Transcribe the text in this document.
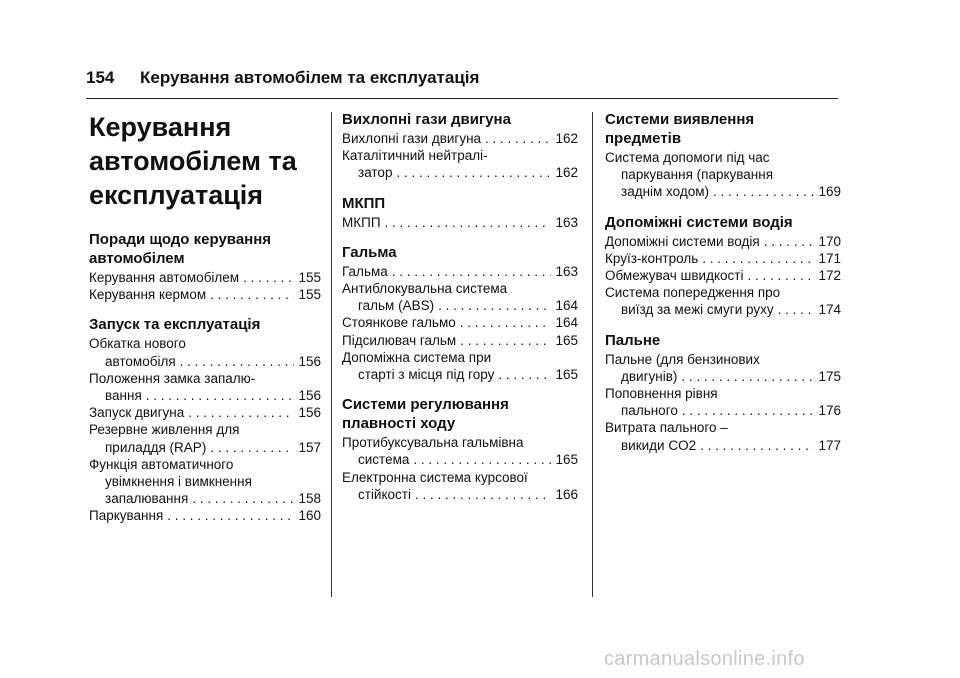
154 Керування автомобілем та експлуатація
Керування
автомобілем та
експлуатація
Поради щодо керування
автомобілем
Керування автомобілем . . .	155
Керування кермом . . .	155
Запуск та експлуатація
Обкатка нового
автомобіля . . .	156
Положення замка запалю-
вання . . .	156
Запуск двигуна . . .	156
Резервне живлення для
приладдя (RAP) . . .	157
Функція автоматичного
увімкнення і вимкнення
запалювання . . .	158
Паркування . . .	160
Вихлопні гази двигуна
Вихлопні гази двигуна . . .	162
Каталітичний нейтралі-
затор . . .	162
МКПП
МКПП . . .	163
Гальма
Гальма . . .	163
Антиблокувальна система
гальм (ABS) . . .	164
Стоянкове гальмо . . .	164
Підсилювач гальм . . .	165
Допоміжна система при
старті з місця під гору . . .	165
Системи регулювання
плавності ходу
Протибуксувальна гальмівна
система . . .	165
Електронна система курсової
стійкості . . .	166
Системи виявлення
предметів
Система допомоги під час
паркування (паркування
заднім ходом) . . .	169
Допоміжні системи водія
Допоміжні системи водія . . .	170
Круїз-контроль . . .	171
Обмежувач швидкості . . .	172
Система попередження про
виїзд за межі смуги руху . . .	174
Пальне
Пальне (для бензинових
двигунів) . . .	175
Поповнення рівня
пального . . .	176
Витрата пального –
викиди CO2 . . .	177
carmanualsonline.info
